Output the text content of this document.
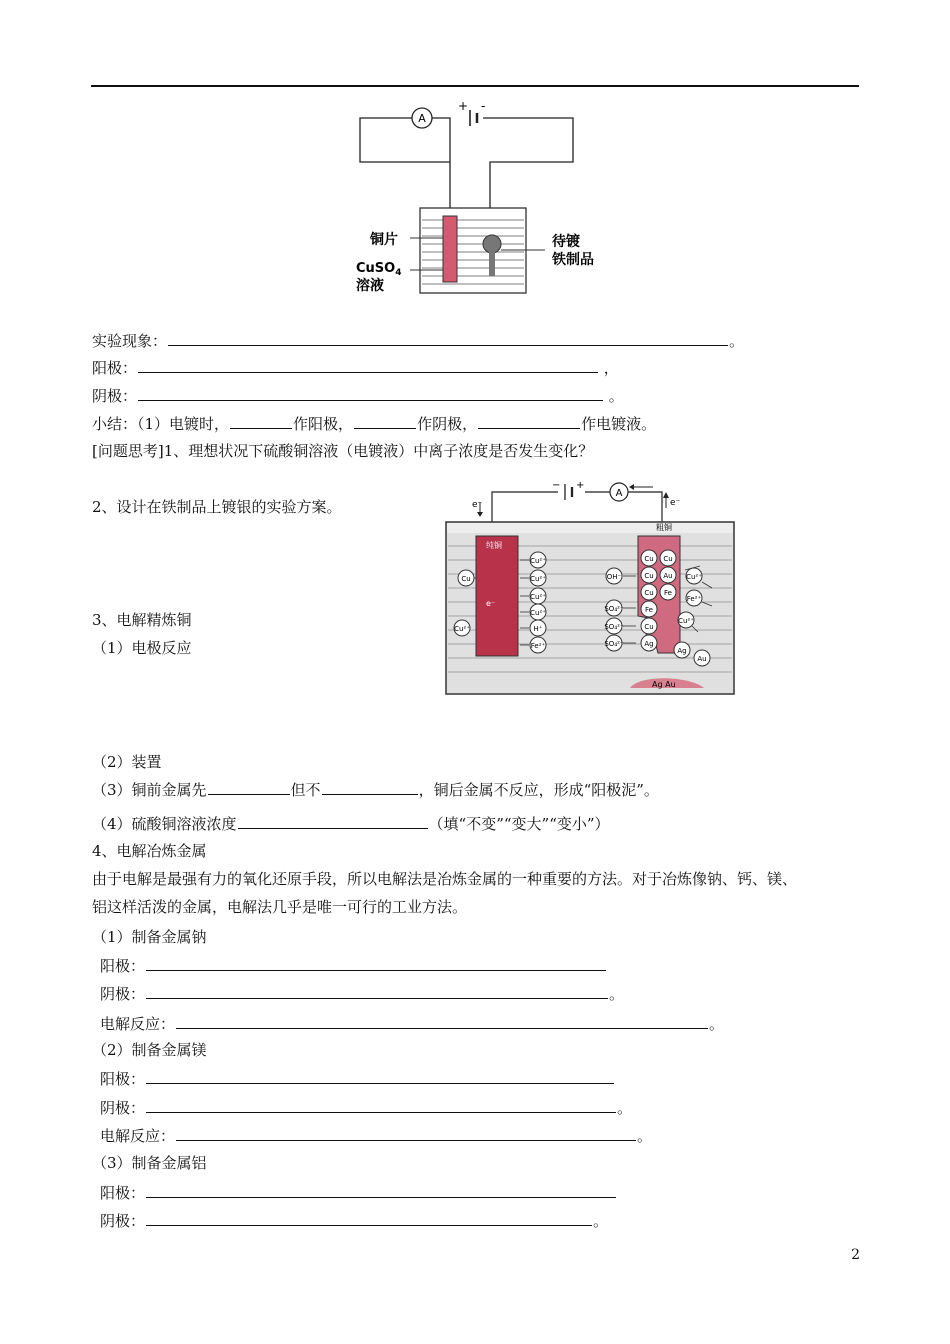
A
+ -
铜片
CuSO$_4$
溶液
待镀
铁制品
实验现象：	。
阳极：	，
阴极：	。
小结：（1）电镀时，	作阳极，	作阴极，	作电镀液。
[问题思考]1、理想状况下硫酸铜溶液（电镀液）中离子浓度是否发生变化？
2、设计在铁制品上镀银的实验方案。
− +
A
e⁻	e⁻
纯铜
e⁻
粗铜
Cu²⁺
Cu²⁺
Cu²⁺
Cu²⁺
H⁺
Fe²⁺
Cu
Cu²⁺
OH⁻
SO₄²⁻
SO₄²⁻
SO₄²⁻
Cu
Cu
Cu
Au
Cu
Fe
Fe
Cu
Ag
Cu²⁺
Fe²⁺
Cu²⁺
Ag
Au
Ag Au
3、电解精炼铜
（1）电极反应
（2）装置
（3）铜前金属先	但不	，铜后金属不反应，形成“阳极泥”。
（4）硫酸铜溶液浓度	（填“不变”“变大”“变小”）
4、电解冶炼金属
由于电解是最强有力的氧化还原手段，所以电解法是冶炼金属的一种重要的方法。对于冶炼像钠、钙、镁、
铝这样活泼的金属，电解法几乎是唯一可行的工业方法。
（1）制备金属钠
阳极：
阴极：	。
电解反应：	。
（2）制备金属镁
阳极：
阴极：	。
电解反应：	。
（3）制备金属铝
阳极：
阴极：	。
2
